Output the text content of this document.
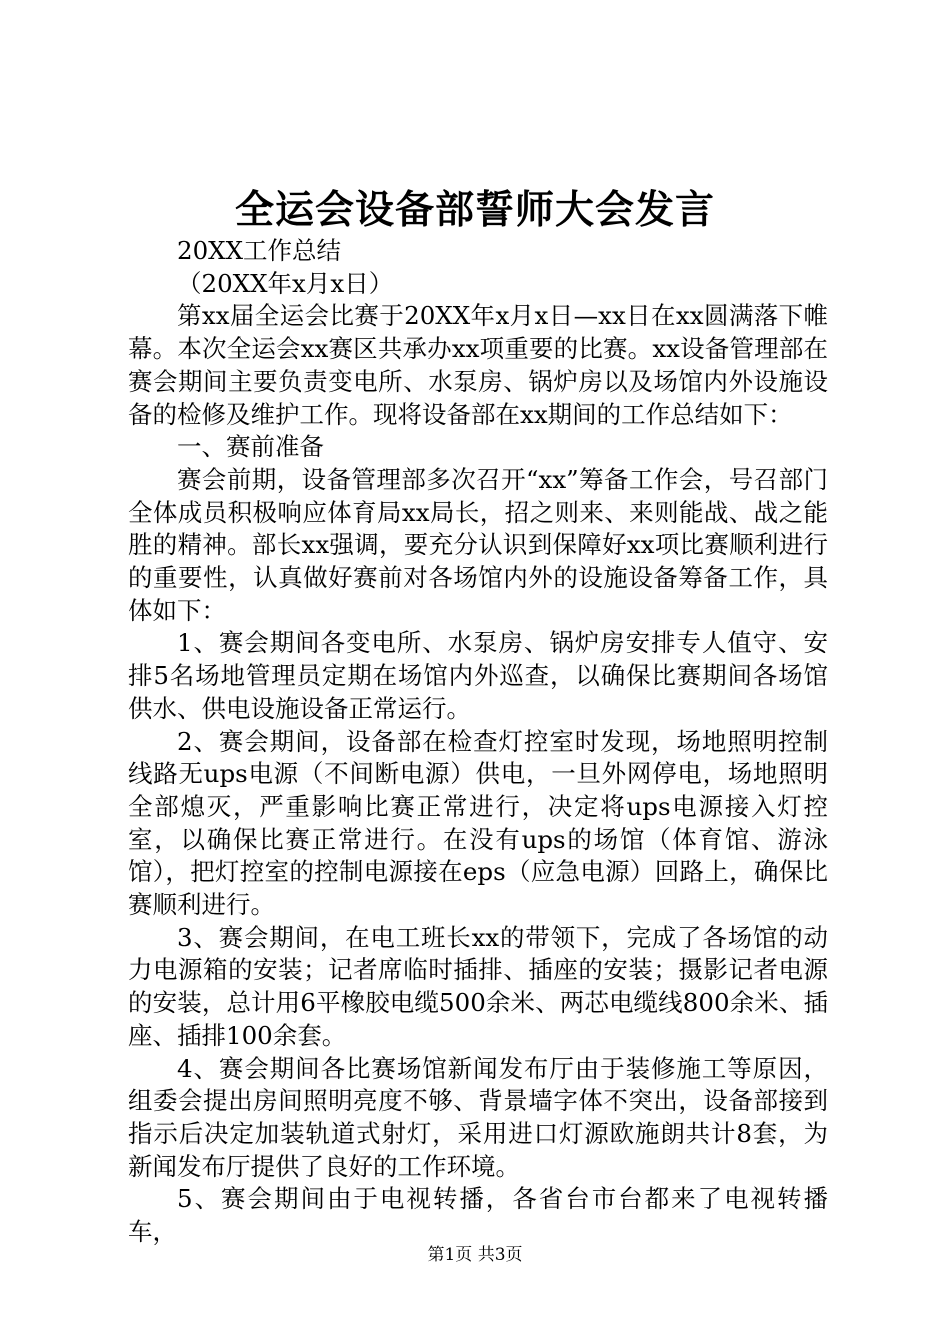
全运会设备部誓师大会发言

20XX工作总结

（20XX年x月x日）

第xx届全运会比赛于20XX年x月x日—xx日在xx圆满落下帷幕。本次全运会xx赛区共承办xx项重要的比赛。xx设备管理部在赛会期间主要负责变电所、水泵房、锅炉房以及场馆内外设施设备的检修及维护工作。现将设备部在xx期间的工作总结如下：

一、赛前准备

赛会前期，设备管理部多次召开“xx”筹备工作会，号召部门全体成员积极响应体育局xx局长，招之则来、来则能战、战之能胜的精神。部长xx强调，要充分认识到保障好xx项比赛顺利进行的重要性，认真做好赛前对各场馆内外的设施设备筹备工作，具体如下：

1、赛会期间各变电所、水泵房、锅炉房安排专人值守、安排5名场地管理员定期在场馆内外巡查，以确保比赛期间各场馆供水、供电设施设备正常运行。

2、赛会期间，设备部在检查灯控室时发现，场地照明控制线路无ups电源（不间断电源）供电，一旦外网停电，场地照明全部熄灭，严重影响比赛正常进行，决定将ups电源接入灯控室，以确保比赛正常进行。在没有ups的场馆（体育馆、游泳馆），把灯控室的控制电源接在eps（应急电源）回路上，确保比赛顺利进行。

3、赛会期间，在电工班长xx的带领下，完成了各场馆的动力电源箱的安装；记者席临时插排、插座的安装；摄影记者电源的安装，总计用6平橡胶电缆500余米、两芯电缆线800余米、插座、插排100余套。

4、赛会期间各比赛场馆新闻发布厅由于装修施工等原因，组委会提出房间照明亮度不够、背景墙字体不突出，设备部接到指示后决定加装轨道式射灯，采用进口灯源欧施朗共计8套，为新闻发布厅提供了良好的工作环境。

5、赛会期间由于电视转播，各省台市台都来了电视转播车，

第1页 共3页
